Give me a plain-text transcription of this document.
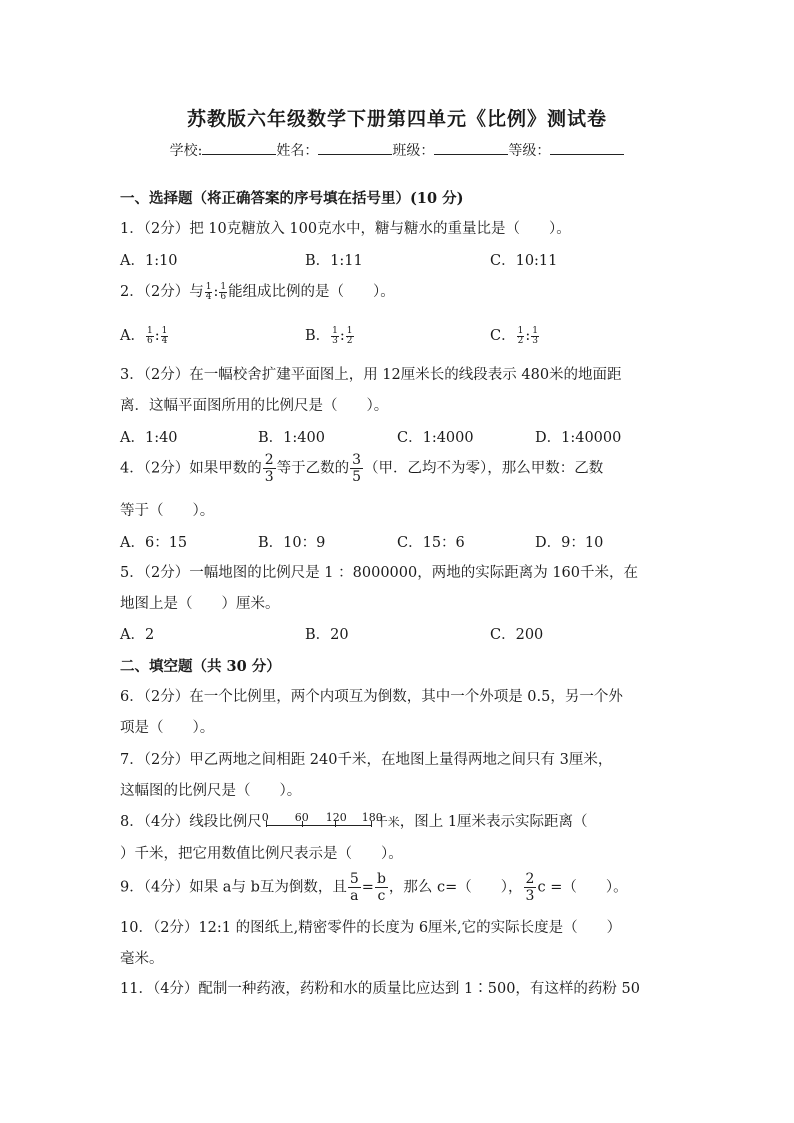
苏教版六年级数学下册第四单元《比例》测试卷
学校:	姓名：	班级：	等级：
一、选择题（将正确答案的序号填在括号里）(10 分)
1．（2分）把 10克糖放入 100克水中，糖与糖水的重量比是（　　）。
A．1:10	B．1:11	C．10:11
2．（2分）与 $\frac{1}{4}$ : $\frac{1}{6}$ 能组成比例的是（　　）。
A． $\frac{1}{6}$ : $\frac{1}{4}$	B． $\frac{1}{3}$ : $\frac{1}{2}$	C． $\frac{1}{2}$ : $\frac{1}{3}$
3．（2分）在一幅校舍扩建平面图上，用 12厘米长的线段表示 480米的地面距
离．这幅平面图所用的比例尺是（　　）。
A．1:40	B．1:400	C．1:4000	D．1:40000
4．（2分）如果甲数的 $\frac{2}{3}$ 等于乙数的 $\frac{3}{5}$ （甲．乙均不为零），那么甲数：乙数
等于（　　）。
A．6：15	B．10：9	C．15：6	D．9：10
5．（2分）一幅地图的比例尺是 1 ：8000000，两地的实际距离为 160千米，在
地图上是（　　）厘米。
A．2	B．20	C．200
二、填空题（共 30 分）
6．（2分）在一个比例里，两个内项互为倒数，其中一个外项是 0.5，另一个外
项是（　　）。
7．（2分）甲乙两地之间相距 240千米，在地图上量得两地之间只有 3厘米，
这幅图的比例尺是（　　）。
8．（4分）线段比例尺 0 60 120 180
千米，图上 1厘米表示实际距离（
）千米，把它用数值比例尺表示是（　　）。
9．（4分）如果 a与 b互为倒数，且 $\frac{5}{a} = \frac{b}{c}$ ，那么 c=（　　）， $\frac{2}{3}$ c =（　　）。
10．（2分）12:1 的图纸上,精密零件的长度为 6厘米,它的实际长度是（　　）
毫米。
11．（4分）配制一种药液，药粉和水的质量比应达到 1∶500，有这样的药粉 50
